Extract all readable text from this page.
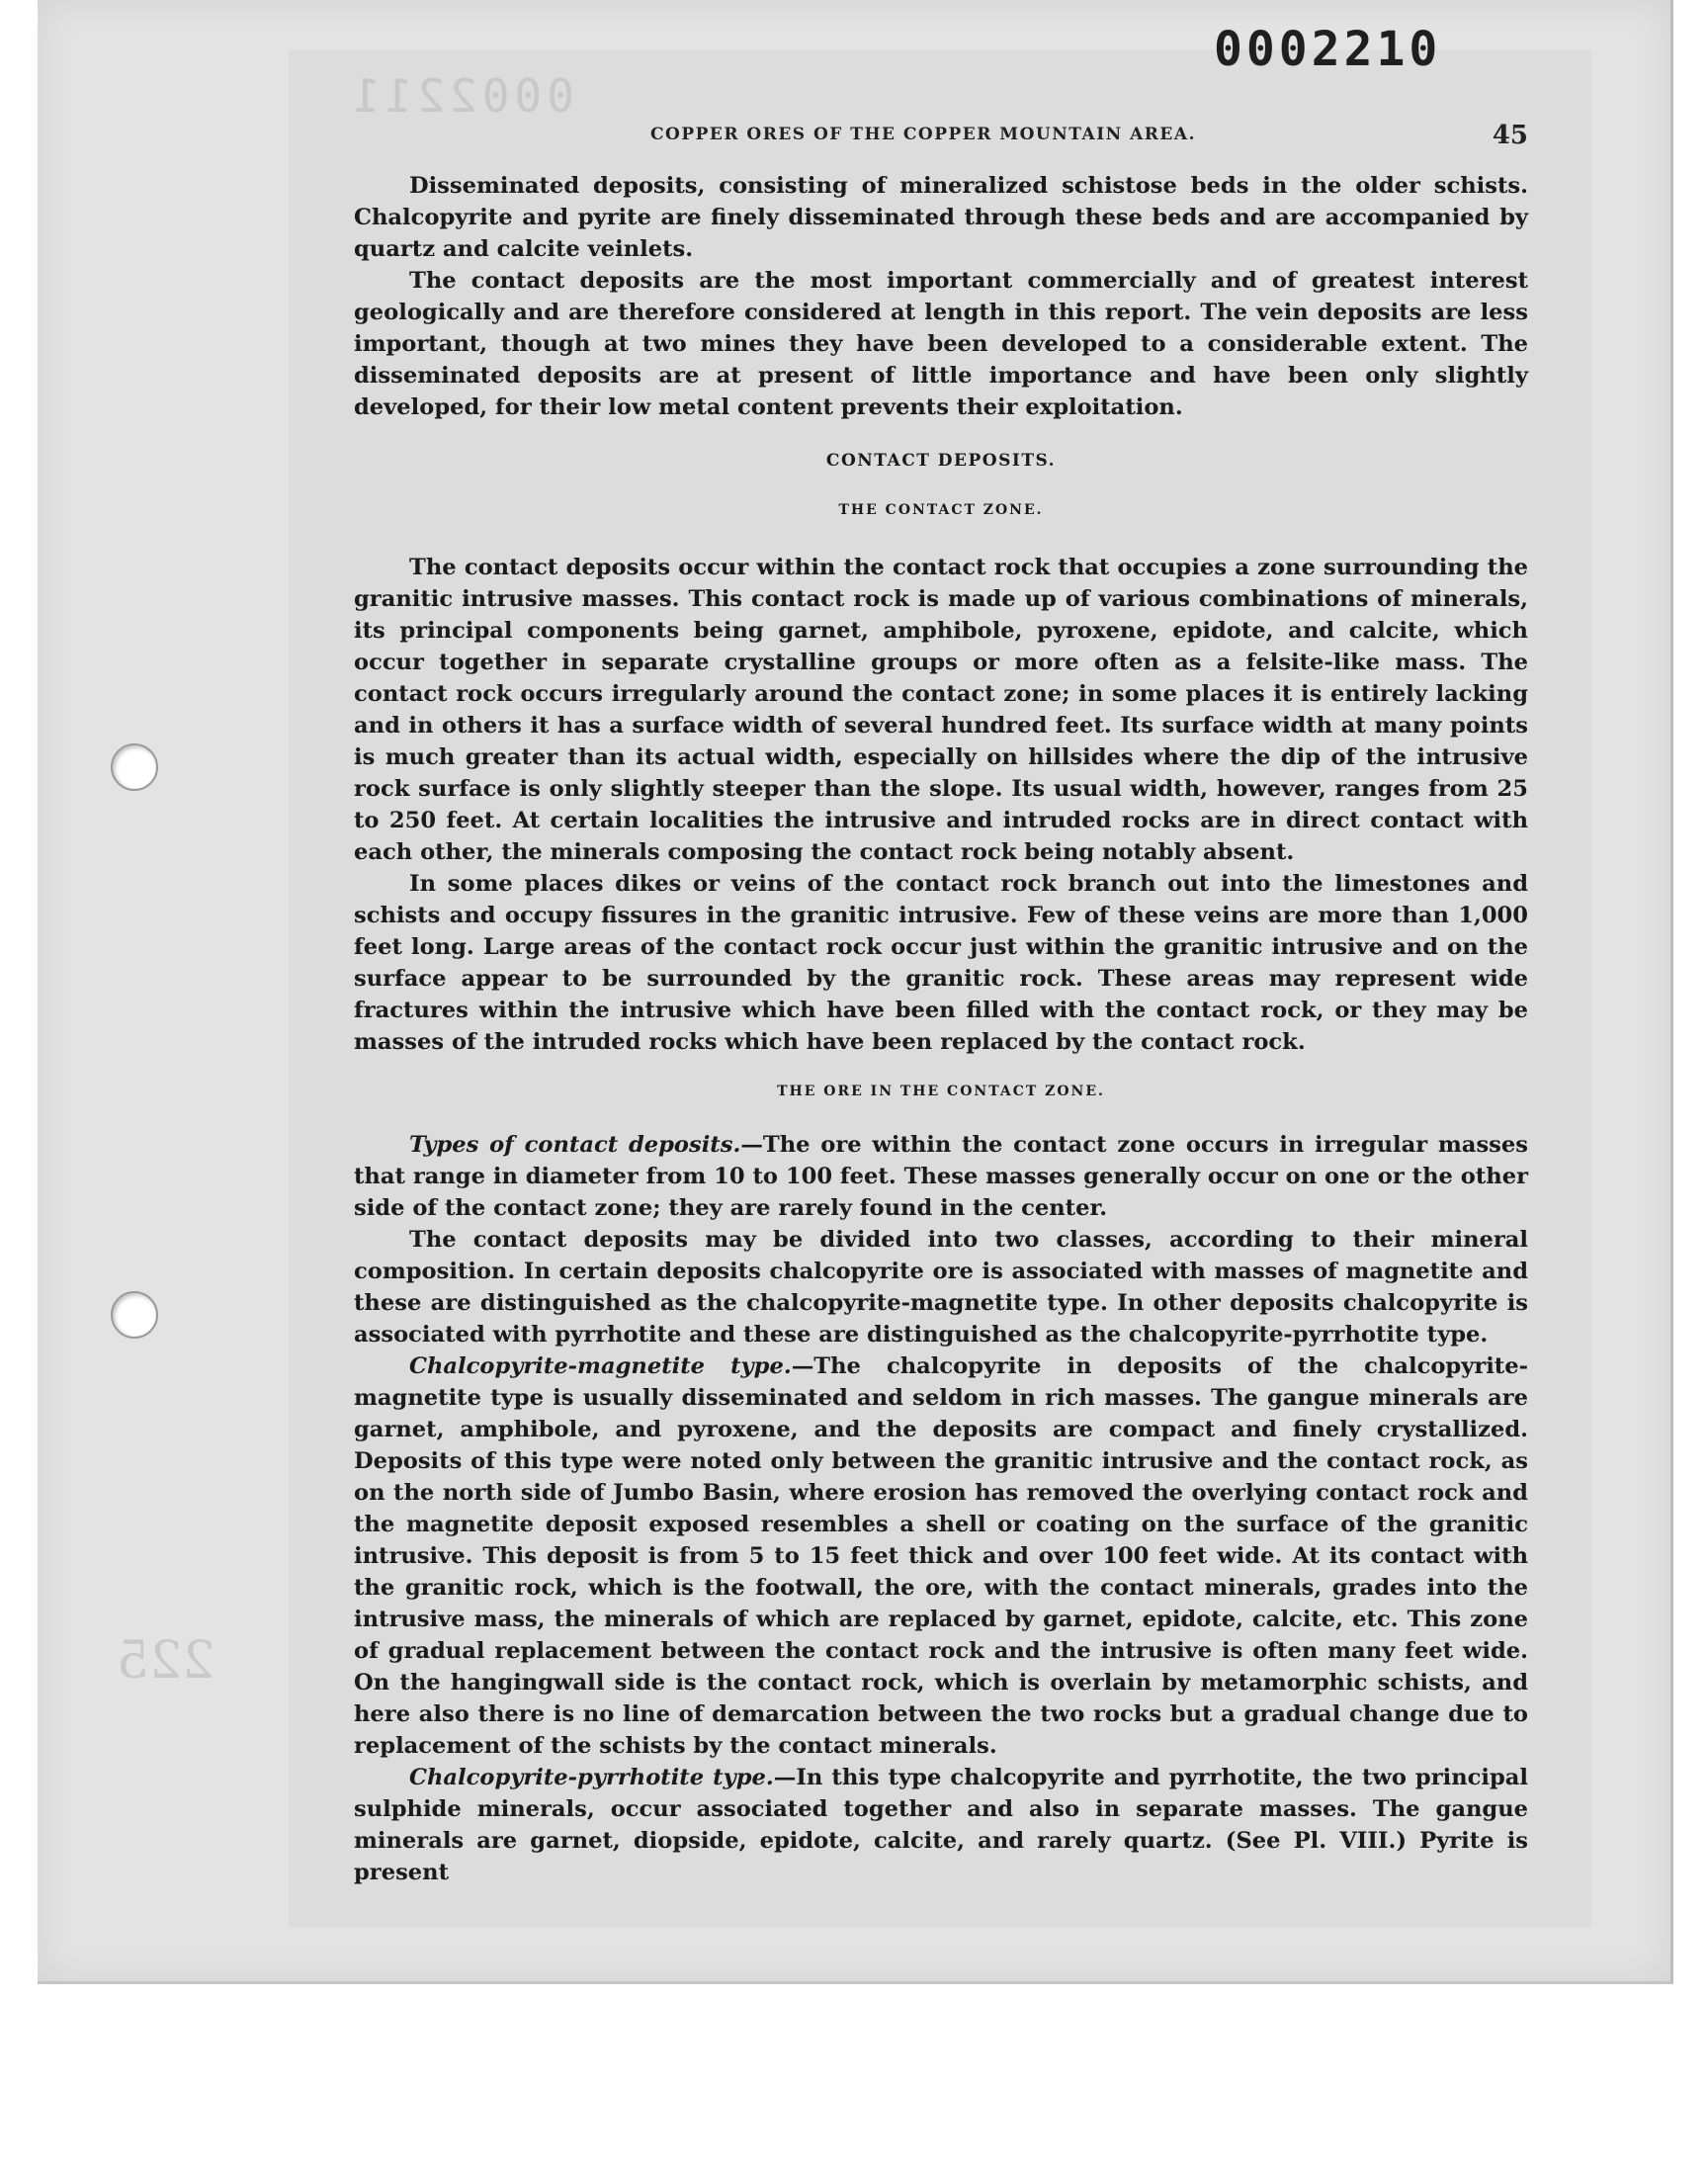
0002211
225
0002210
COPPER ORES OF THE COPPER MOUNTAIN AREA.	45

Disseminated deposits, consisting of mineralized schistose beds in the older schists. Chalcopyrite and pyrite are finely disseminated through these beds and are accompanied by quartz and calcite veinlets.

The contact deposits are the most important commercially and of greatest interest geologically and are therefore considered at length in this report. The vein deposits are less important, though at two mines they have been developed to a considerable extent. The disseminated deposits are at present of little importance and have been only slightly developed, for their low metal content prevents their exploitation.

CONTACT DEPOSITS.
THE CONTACT ZONE.

The contact deposits occur within the contact rock that occupies a zone surrounding the granitic intrusive masses. This contact rock is made up of various combinations of minerals, its principal components being garnet, amphibole, pyroxene, epidote, and calcite, which occur together in separate crystalline groups or more often as a felsite-like mass. The contact rock occurs irregularly around the contact zone; in some places it is entirely lacking and in others it has a surface width of several hundred feet. Its surface width at many points is much greater than its actual width, especially on hillsides where the dip of the intrusive rock surface is only slightly steeper than the slope. Its usual width, however, ranges from 25 to 250 feet. At certain localities the intrusive and intruded rocks are in direct contact with each other, the minerals composing the contact rock being notably absent.

In some places dikes or veins of the contact rock branch out into the limestones and schists and occupy fissures in the granitic intrusive. Few of these veins are more than 1,000 feet long. Large areas of the contact rock occur just within the granitic intrusive and on the surface appear to be surrounded by the granitic rock. These areas may represent wide fractures within the intrusive which have been filled with the contact rock, or they may be masses of the intruded rocks which have been replaced by the contact rock.

THE ORE IN THE CONTACT ZONE.

Types of contact deposits.—The ore within the contact zone occurs in irregular masses that range in diameter from 10 to 100 feet. These masses generally occur on one or the other side of the contact zone; they are rarely found in the center.

The contact deposits may be divided into two classes, according to their mineral composition. In certain deposits chalcopyrite ore is associated with masses of magnetite and these are distinguished as the chalcopyrite-magnetite type. In other deposits chalcopyrite is associated with pyrrhotite and these are distinguished as the chalcopyrite-pyrrhotite type.

Chalcopyrite-magnetite type.—The chalcopyrite in deposits of the chalcopyrite-magnetite type is usually disseminated and seldom in rich masses. The gangue minerals are garnet, amphibole, and pyroxene, and the deposits are compact and finely crystallized. Deposits of this type were noted only between the granitic intrusive and the contact rock, as on the north side of Jumbo Basin, where erosion has removed the overlying contact rock and the magnetite deposit exposed resembles a shell or coating on the surface of the granitic intrusive. This deposit is from 5 to 15 feet thick and over 100 feet wide. At its contact with the granitic rock, which is the footwall, the ore, with the contact minerals, grades into the intrusive mass, the minerals of which are replaced by garnet, epidote, calcite, etc. This zone of gradual replacement between the contact rock and the intrusive is often many feet wide. On the hangingwall side is the contact rock, which is overlain by metamorphic schists, and here also there is no line of demarcation between the two rocks but a gradual change due to replacement of the schists by the contact minerals.

Chalcopyrite-pyrrhotite type.—In this type chalcopyrite and pyrrhotite, the two principal sulphide minerals, occur associated together and also in separate masses. The gangue minerals are garnet, diopside, epidote, calcite, and rarely quartz. (See Pl. VIII.) Pyrite is present
